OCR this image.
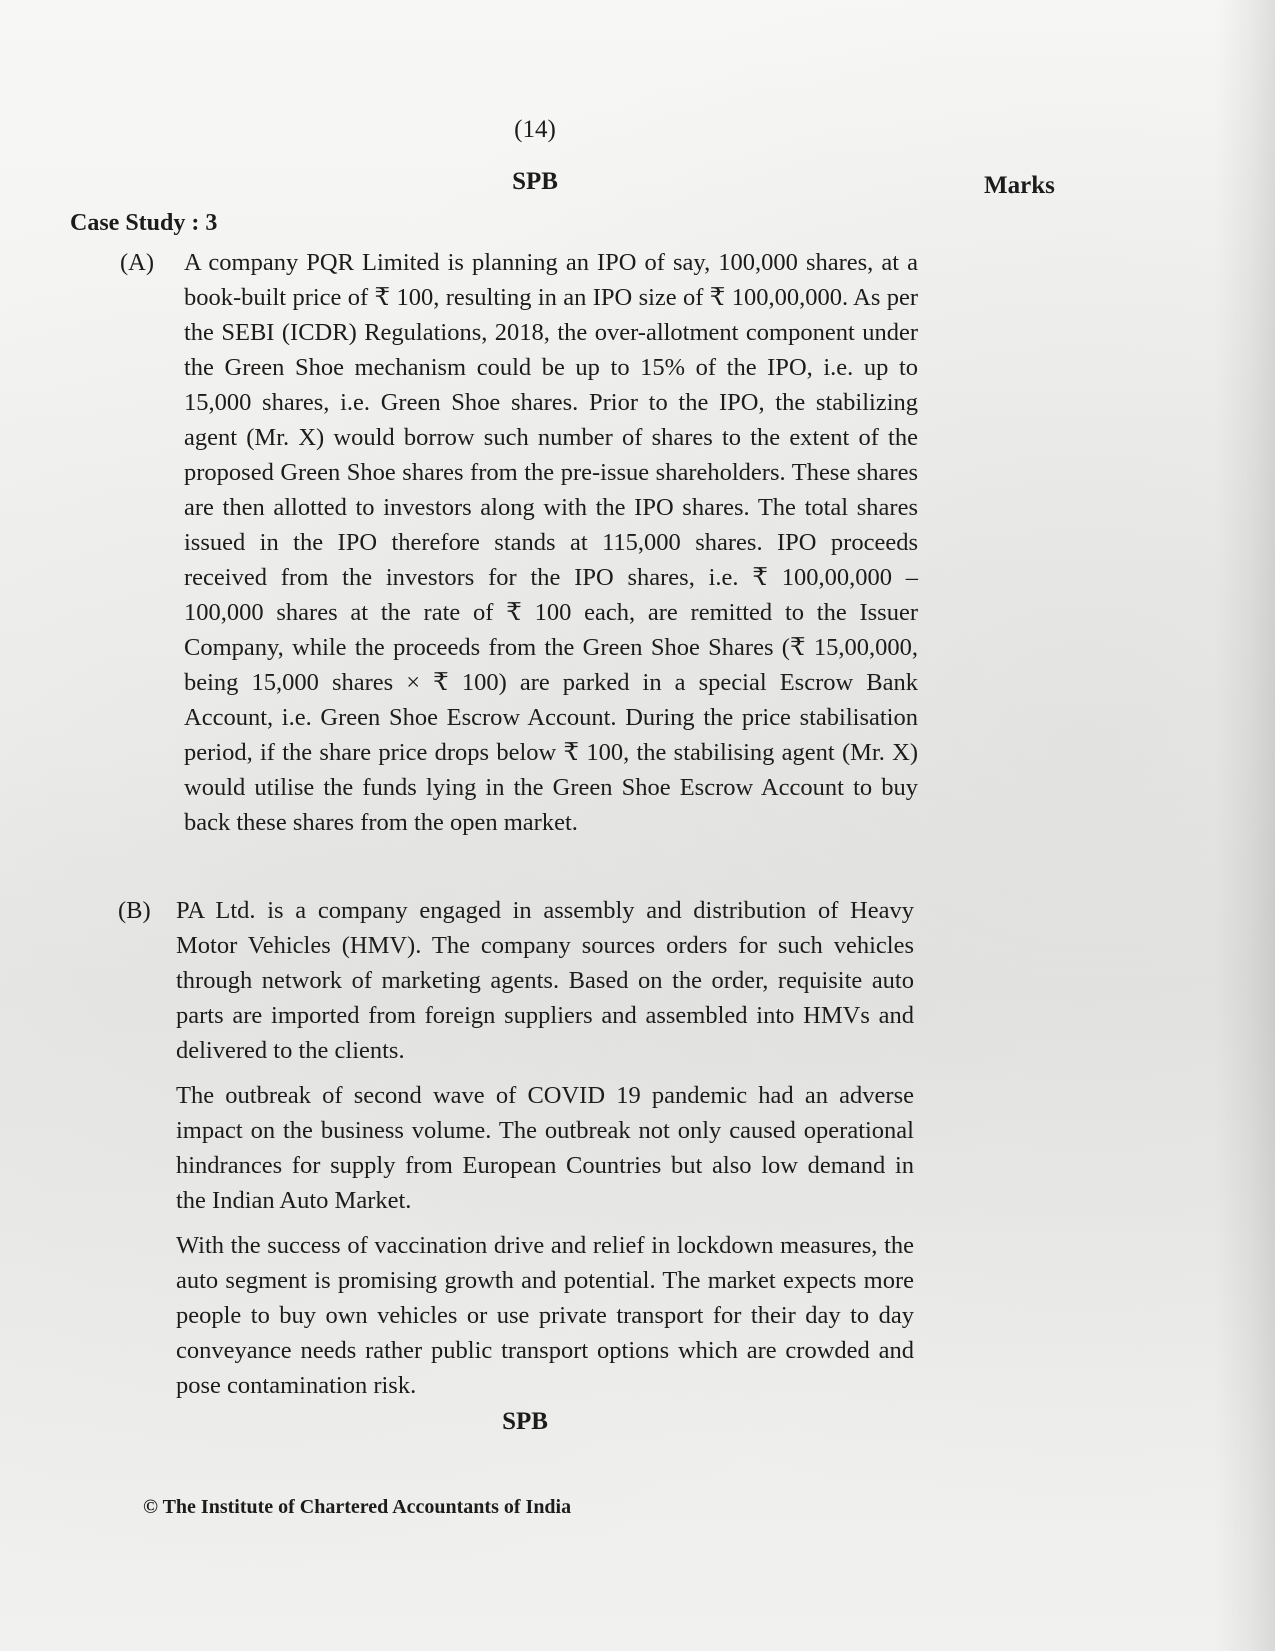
(14)
SPB	Marks
Case Study : 3
(A) A company PQR Limited is planning an IPO of say, 100,000 shares, at a book-built price of ₹ 100, resulting in an IPO size of ₹ 100,00,000. As per the SEBI (ICDR) Regulations, 2018, the over-allotment component under the Green Shoe mechanism could be up to 15% of the IPO, i.e. up to 15,000 shares, i.e. Green Shoe shares. Prior to the IPO, the stabilizing agent (Mr. X) would borrow such number of shares to the extent of the proposed Green Shoe shares from the pre-issue shareholders. These shares are then allotted to investors along with the IPO shares. The total shares issued in the IPO therefore stands at 115,000 shares. IPO proceeds received from the investors for the IPO shares, i.e. ₹ 100,00,000 – 100,000 shares at the rate of ₹ 100 each, are remitted to the Issuer Company, while the proceeds from the Green Shoe Shares (₹ 15,00,000, being 15,000 shares × ₹ 100) are parked in a special Escrow Bank Account, i.e. Green Shoe Escrow Account. During the price stabilisation period, if the share price drops below ₹ 100, the stabilising agent (Mr. X) would utilise the funds lying in the Green Shoe Escrow Account to buy back these shares from the open market.
(B) PA Ltd. is a company engaged in assembly and distribution of Heavy Motor Vehicles (HMV). The company sources orders for such vehicles through network of marketing agents. Based on the order, requisite auto parts are imported from foreign suppliers and assembled into HMVs and delivered to the clients.

The outbreak of second wave of COVID 19 pandemic had an adverse impact on the business volume. The outbreak not only caused operational hindrances for supply from European Countries but also low demand in the Indian Auto Market.

With the success of vaccination drive and relief in lockdown measures, the auto segment is promising growth and potential. The market expects more people to buy own vehicles or use private transport for their day to day conveyance needs rather public transport options which are crowded and pose contamination risk.

SPB
© The Institute of Chartered Accountants of India
